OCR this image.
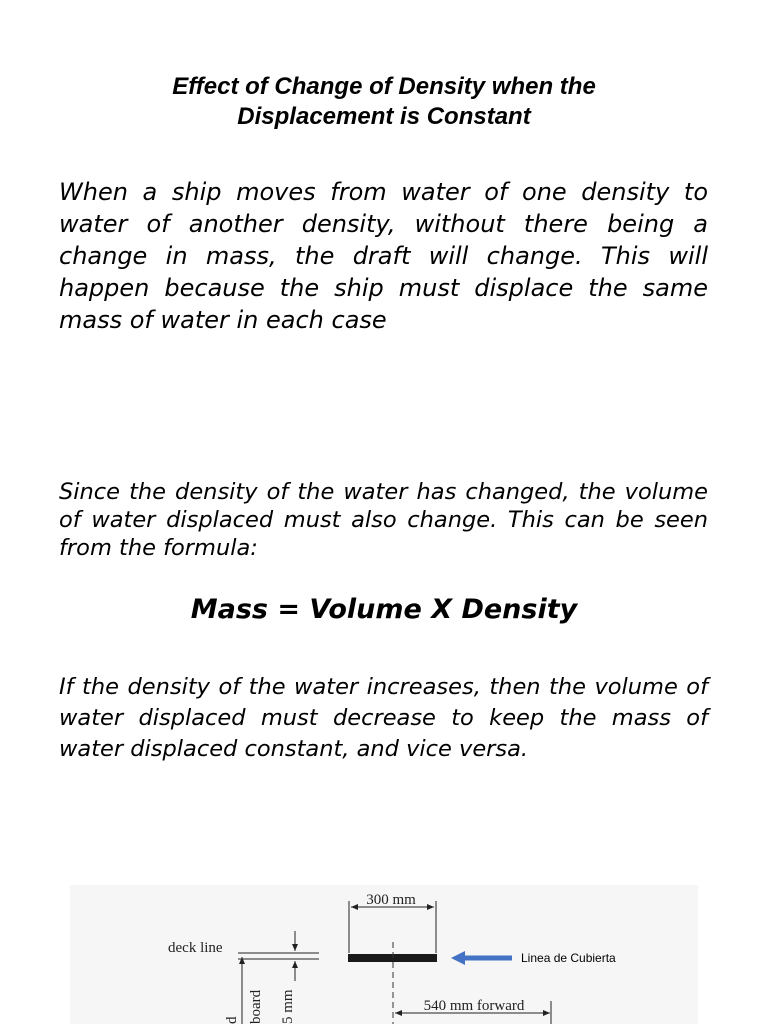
Effect of Change of Density when the
Displacement is Constant

When a ship moves from water of one density to water of another density, without there being a change in mass, the draft will change. This will happen because the ship must displace the same mass of water in each case

Since the density of the water has changed, the volume of water displaced must also change. This can be seen from the formula:

Mass = Volume X Density

If the density of the water increases, then the volume of water displaced must decrease to keep the mass of water displaced constant, and vice versa.

300 mm
deck line
board
d	5 mm	540 mm forward
Linea de Cubierta
